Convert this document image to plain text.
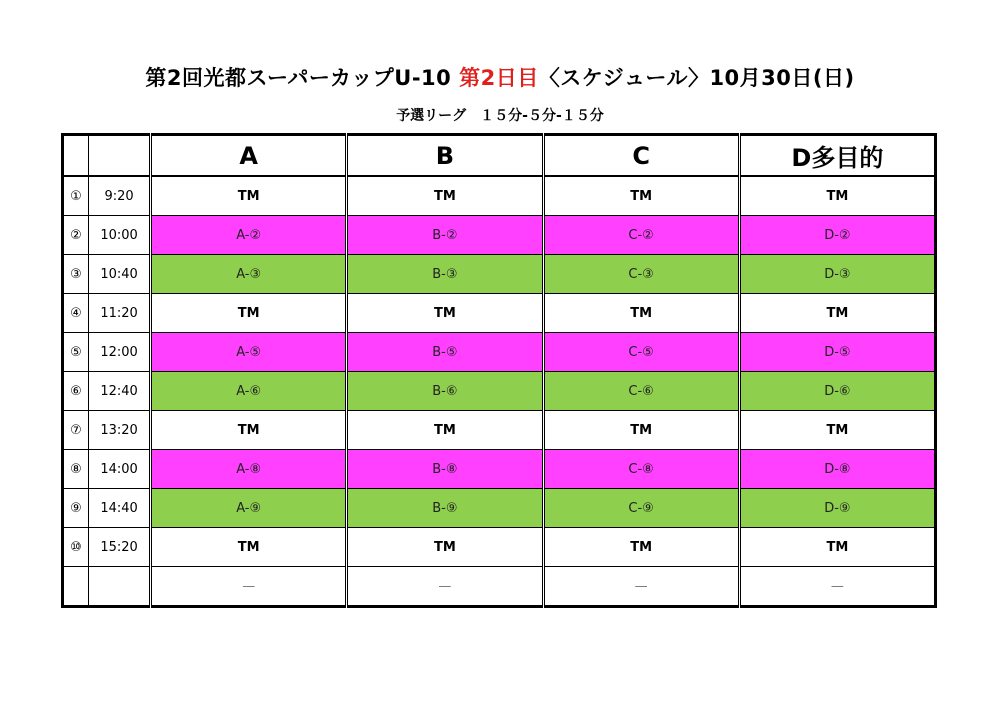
第2回光都スーパーカップU-10 第2日目〈スケジュール〉10月30日(日)
予選リーグ　１５分-５分-１５分
		A	B	C	D多目的
①	9:20	TM	TM	TM	TM
②	10:00	A-②	B-②	C-②	D-②
③	10:40	A-③	B-③	C-③	D-③
④	11:20	TM	TM	TM	TM
⑤	12:00	A-⑤	B-⑤	C-⑤	D-⑤
⑥	12:40	A-⑥	B-⑥	C-⑥	D-⑥
⑦	13:20	TM	TM	TM	TM
⑧	14:00	A-⑧	B-⑧	C-⑧	D-⑧
⑨	14:40	A-⑨	B-⑨	C-⑨	D-⑨
⑩	15:20	TM	TM	TM	TM
		—	—	—	—
